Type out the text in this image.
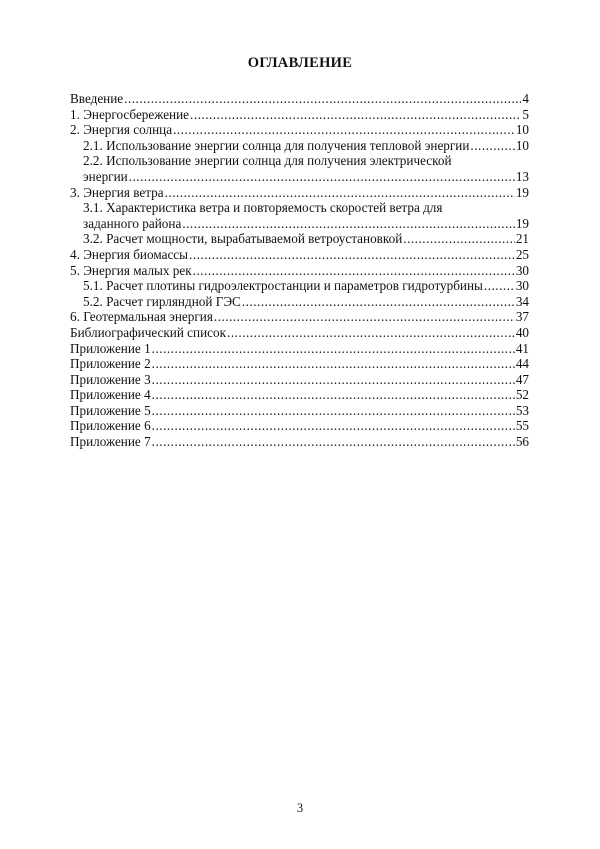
ОГЛАВЛЕНИЕ
Введение .....	4
1. Энергосбережение .....	5
2. Энергия солнца .....	10
2.1. Использование энергии солнца для получения тепловой энергии .....	10
2.2. Использование энергии солнца для получения электрической
энергии .....	13
3. Энергия ветра .....	19
3.1. Характеристика ветра и повторяемость скоростей ветра для
заданного района .....	19
3.2. Расчет мощности, вырабатываемой ветроустановкой .....	21
4. Энергия биомассы .....	25
5. Энергия малых рек .....	30
5.1. Расчет плотины гидроэлектростанции и параметров гидротурбины ..... 30
5.2. Расчет гирляндной ГЭС .....	34
6. Геотермальная энергия .....	37
Библиографический список .....	40
Приложение 1 .....	41
Приложение 2 .....	44
Приложение 3 .....	47
Приложение 4 .....	52
Приложение 5 .....	53
Приложение 6 .....	55
Приложение 7 .....	56
3
